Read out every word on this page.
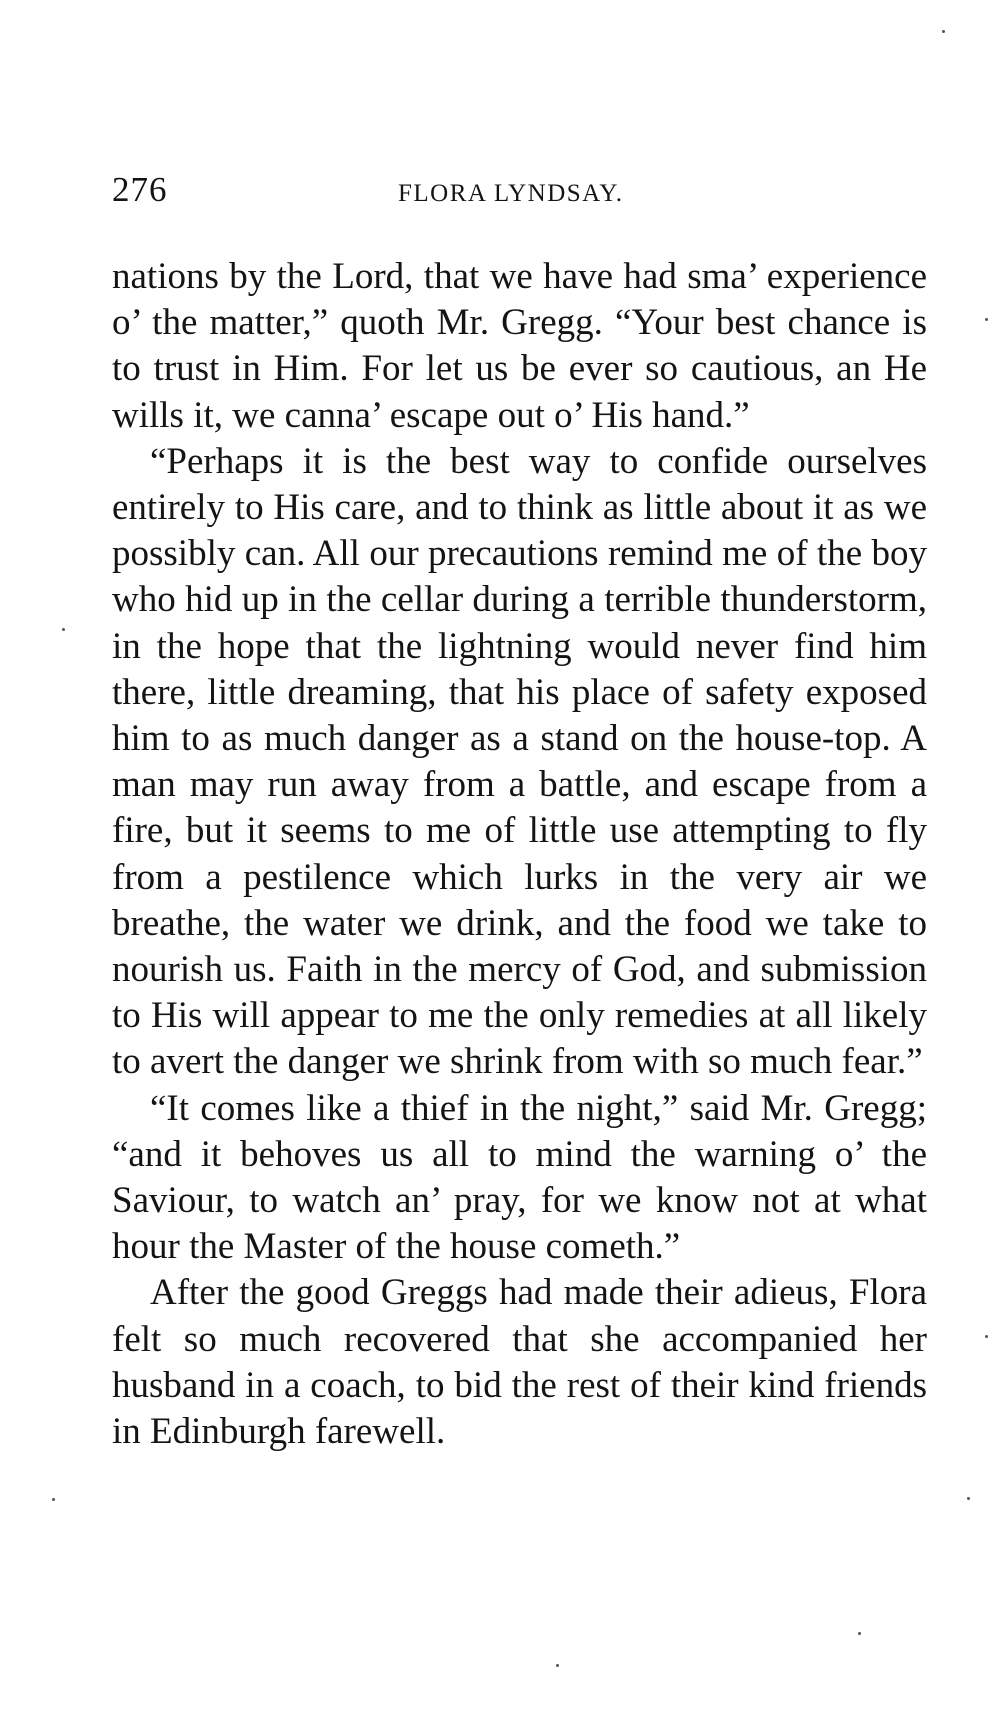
276	FLORA LYNDSAY.

nations by the Lord, that we have had sma’ experience o’ the matter,” quoth Mr. Gregg. “Your best chance is to trust in Him. For let us be ever so cautious, an He wills it, we canna’ escape out o’ His hand.”

“Perhaps it is the best way to confide ourselves entirely to His care, and to think as little about it as we possibly can. All our precautions remind me of the boy who hid up in the cellar during a terrible thunderstorm, in the hope that the lightning would never find him there, little dreaming, that his place of safety exposed him to as much danger as a stand on the house-top. A man may run away from a battle, and escape from a fire, but it seems to me of little use attempting to fly from a pestilence which lurks in the very air we breathe, the water we drink, and the food we take to nourish us. Faith in the mercy of God, and submission to His will appear to me the only remedies at all likely to avert the danger we shrink from with so much fear.”

“It comes like a thief in the night,” said Mr. Gregg; “and it behoves us all to mind the warning o’ the Saviour, to watch an’ pray, for we know not at what hour the Master of the house cometh.”

After the good Greggs had made their adieus, Flora felt so much recovered that she accompanied her husband in a coach, to bid the rest of their kind friends in Edinburgh farewell.
